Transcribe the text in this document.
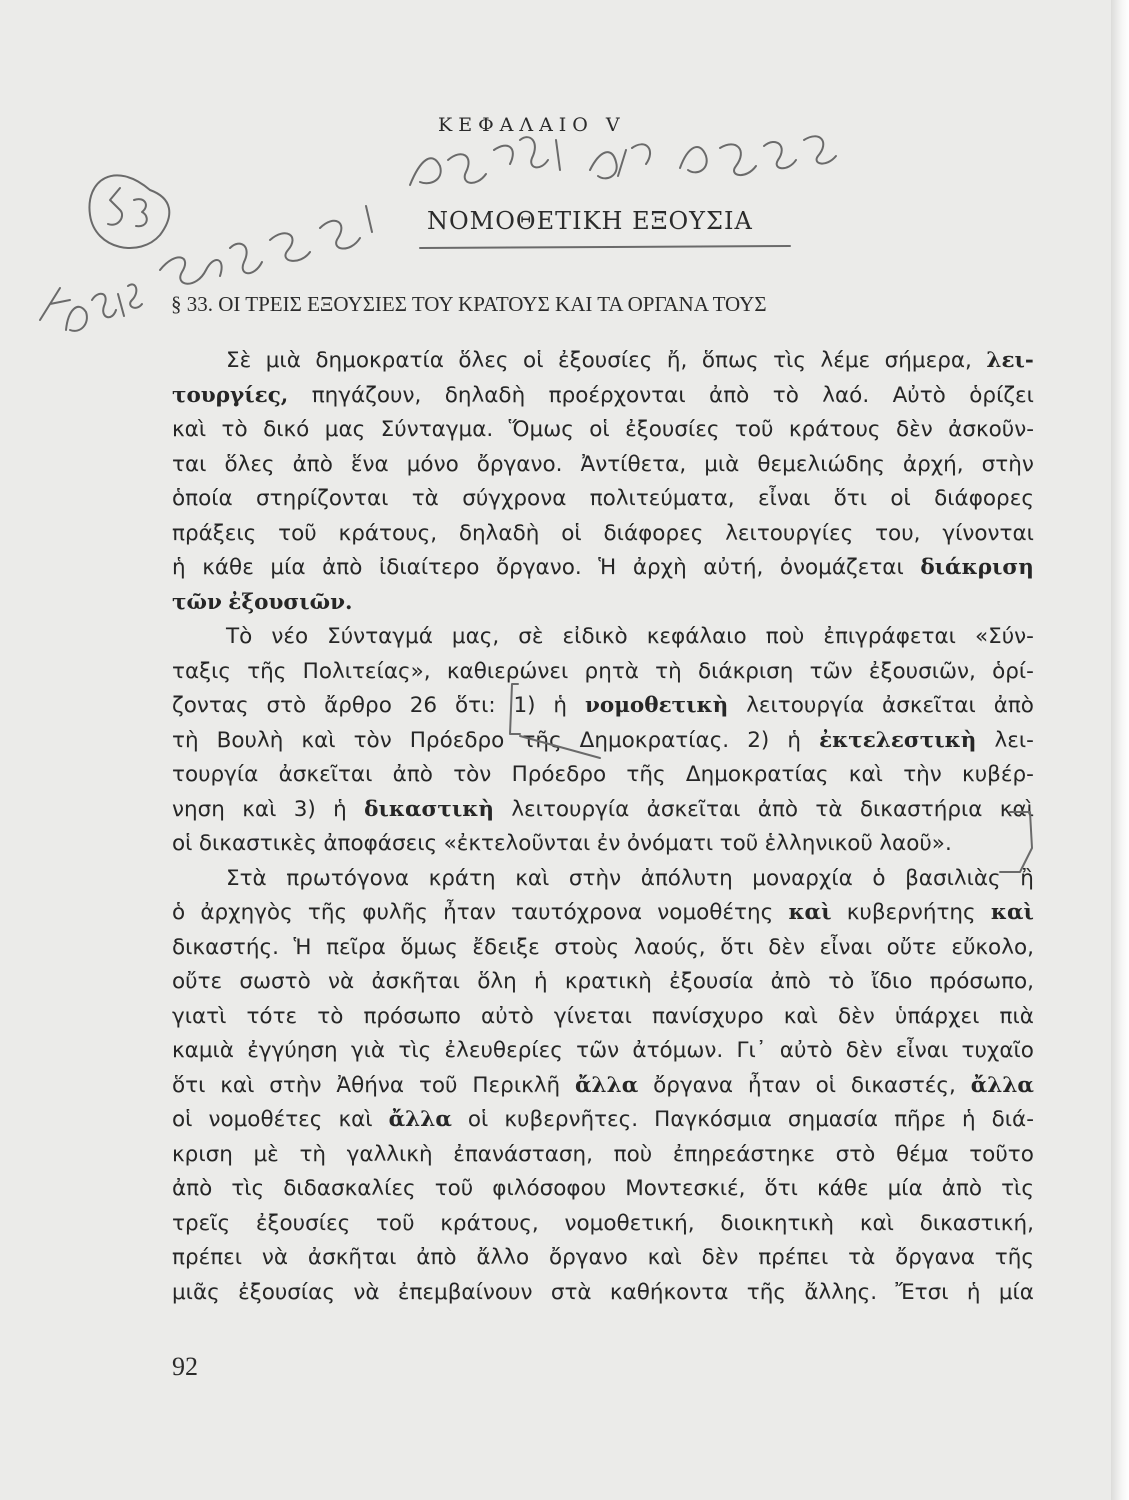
ΚΕΦΑΛΑΙΟ V
ΝΟΜΟΘΕΤΙΚΗ ΕΞΟΥΣΙΑ
§ 33. ΟΙ ΤΡΕΙΣ ΕΞΟΥΣΙΕΣ ΤΟΥ ΚΡΑΤΟΥΣ ΚΑΙ ΤΑ ΟΡΓΑΝΑ ΤΟΥΣ
Σὲ μιὰ δημοκρατία ὅλες οἱ ἐξουσίες ἤ, ὅπως τὶς λέμε σήμερα, λει-
τουργίες, πηγάζουν, δηλαδὴ προέρχονται ἀπὸ τὸ λαό. Αὐτὸ ὁρίζει
καὶ τὸ δικό μας Σύνταγμα. Ὅμως οἱ ἐξουσίες τοῦ κράτους δὲν ἀσκοῦν-
ται ὅλες ἀπὸ ἕνα μόνο ὄργανο. Ἀντίθετα, μιὰ θεμελιώδης ἀρχή, στὴν
ὁποία στηρίζονται τὰ σύγχρονα πολιτεύματα, εἶναι ὅτι οἱ διάφορες
πράξεις τοῦ κράτους, δηλαδὴ οἱ διάφορες λειτουργίες του, γίνονται
ἡ κάθε μία ἀπὸ ἰδιαίτερο ὄργανο. Ἡ ἀρχὴ αὐτή, ὀνομάζεται διάκριση
τῶν ἐξουσιῶν.
Τὸ νέο Σύνταγμά μας, σὲ εἰδικὸ κεφάλαιο ποὺ ἐπιγράφεται «Σύν-
ταξις τῆς Πολιτείας», καθιερώνει ρητὰ τὴ διάκριση τῶν ἐξουσιῶν, ὁρί-
ζοντας στὸ ἄρθρο 26 ὅτι: 1) ἡ νομοθετικὴ λειτουργία ἀσκεῖται ἀπὸ
τὴ Βουλὴ καὶ τὸν Πρόεδρο τῆς Δημοκρατίας. 2) ἡ ἐκτελεστικὴ λει-
τουργία ἀσκεῖται ἀπὸ τὸν Πρόεδρο τῆς Δημοκρατίας καὶ τὴν κυβέρ-
νηση καὶ 3) ἡ δικαστικὴ λειτουργία ἀσκεῖται ἀπὸ τὰ δικαστήρια καὶ
οἱ δικαστικὲς ἀποφάσεις «ἐκτελοῦνται ἐν ὀνόματι τοῦ ἑλληνικοῦ λαοῦ».
Στὰ πρωτόγονα κράτη καὶ στὴν ἀπόλυτη μοναρχία ὁ βασιλιὰς ἢ
ὁ ἀρχηγὸς τῆς φυλῆς ἦταν ταυτόχρονα νομοθέτης καὶ κυβερνήτης καὶ
δικαστής. Ἡ πεῖρα ὅμως ἔδειξε στοὺς λαούς, ὅτι δὲν εἶναι οὔτε εὔκολο,
οὔτε σωστὸ νὰ ἀσκῆται ὅλη ἡ κρατικὴ ἐξουσία ἀπὸ τὸ ἴδιο πρόσωπο,
γιατὶ τότε τὸ πρόσωπο αὐτὸ γίνεται πανίσχυρο καὶ δὲν ὑπάρχει πιὰ
καμιὰ ἐγγύηση γιὰ τὶς ἐλευθερίες τῶν ἀτόμων. Γι᾽ αὐτὸ δὲν εἶναι τυχαῖο
ὅτι καὶ στὴν Ἀθήνα τοῦ Περικλῆ ἄλλα ὄργανα ἦταν οἱ δικαστές, ἄλλα
οἱ νομοθέτες καὶ ἄλλα οἱ κυβερνῆτες. Παγκόσμια σημασία πῆρε ἡ διά-
κριση μὲ τὴ γαλλικὴ ἐπανάσταση, ποὺ ἐπηρεάστηκε στὸ θέμα τοῦτο
ἀπὸ τὶς διδασκαλίες τοῦ φιλόσοφου Μοντεσκιέ, ὅτι κάθε μία ἀπὸ τὶς
τρεῖς ἐξουσίες τοῦ κράτους, νομοθετική, διοικητικὴ καὶ δικαστική,
πρέπει νὰ ἀσκῆται ἀπὸ ἄλλο ὄργανο καὶ δὲν πρέπει τὰ ὄργανα τῆς
μιᾶς ἐξουσίας νὰ ἐπεμβαίνουν στὰ καθήκοντα τῆς ἄλλης. Ἔτσι ἡ μία
92
